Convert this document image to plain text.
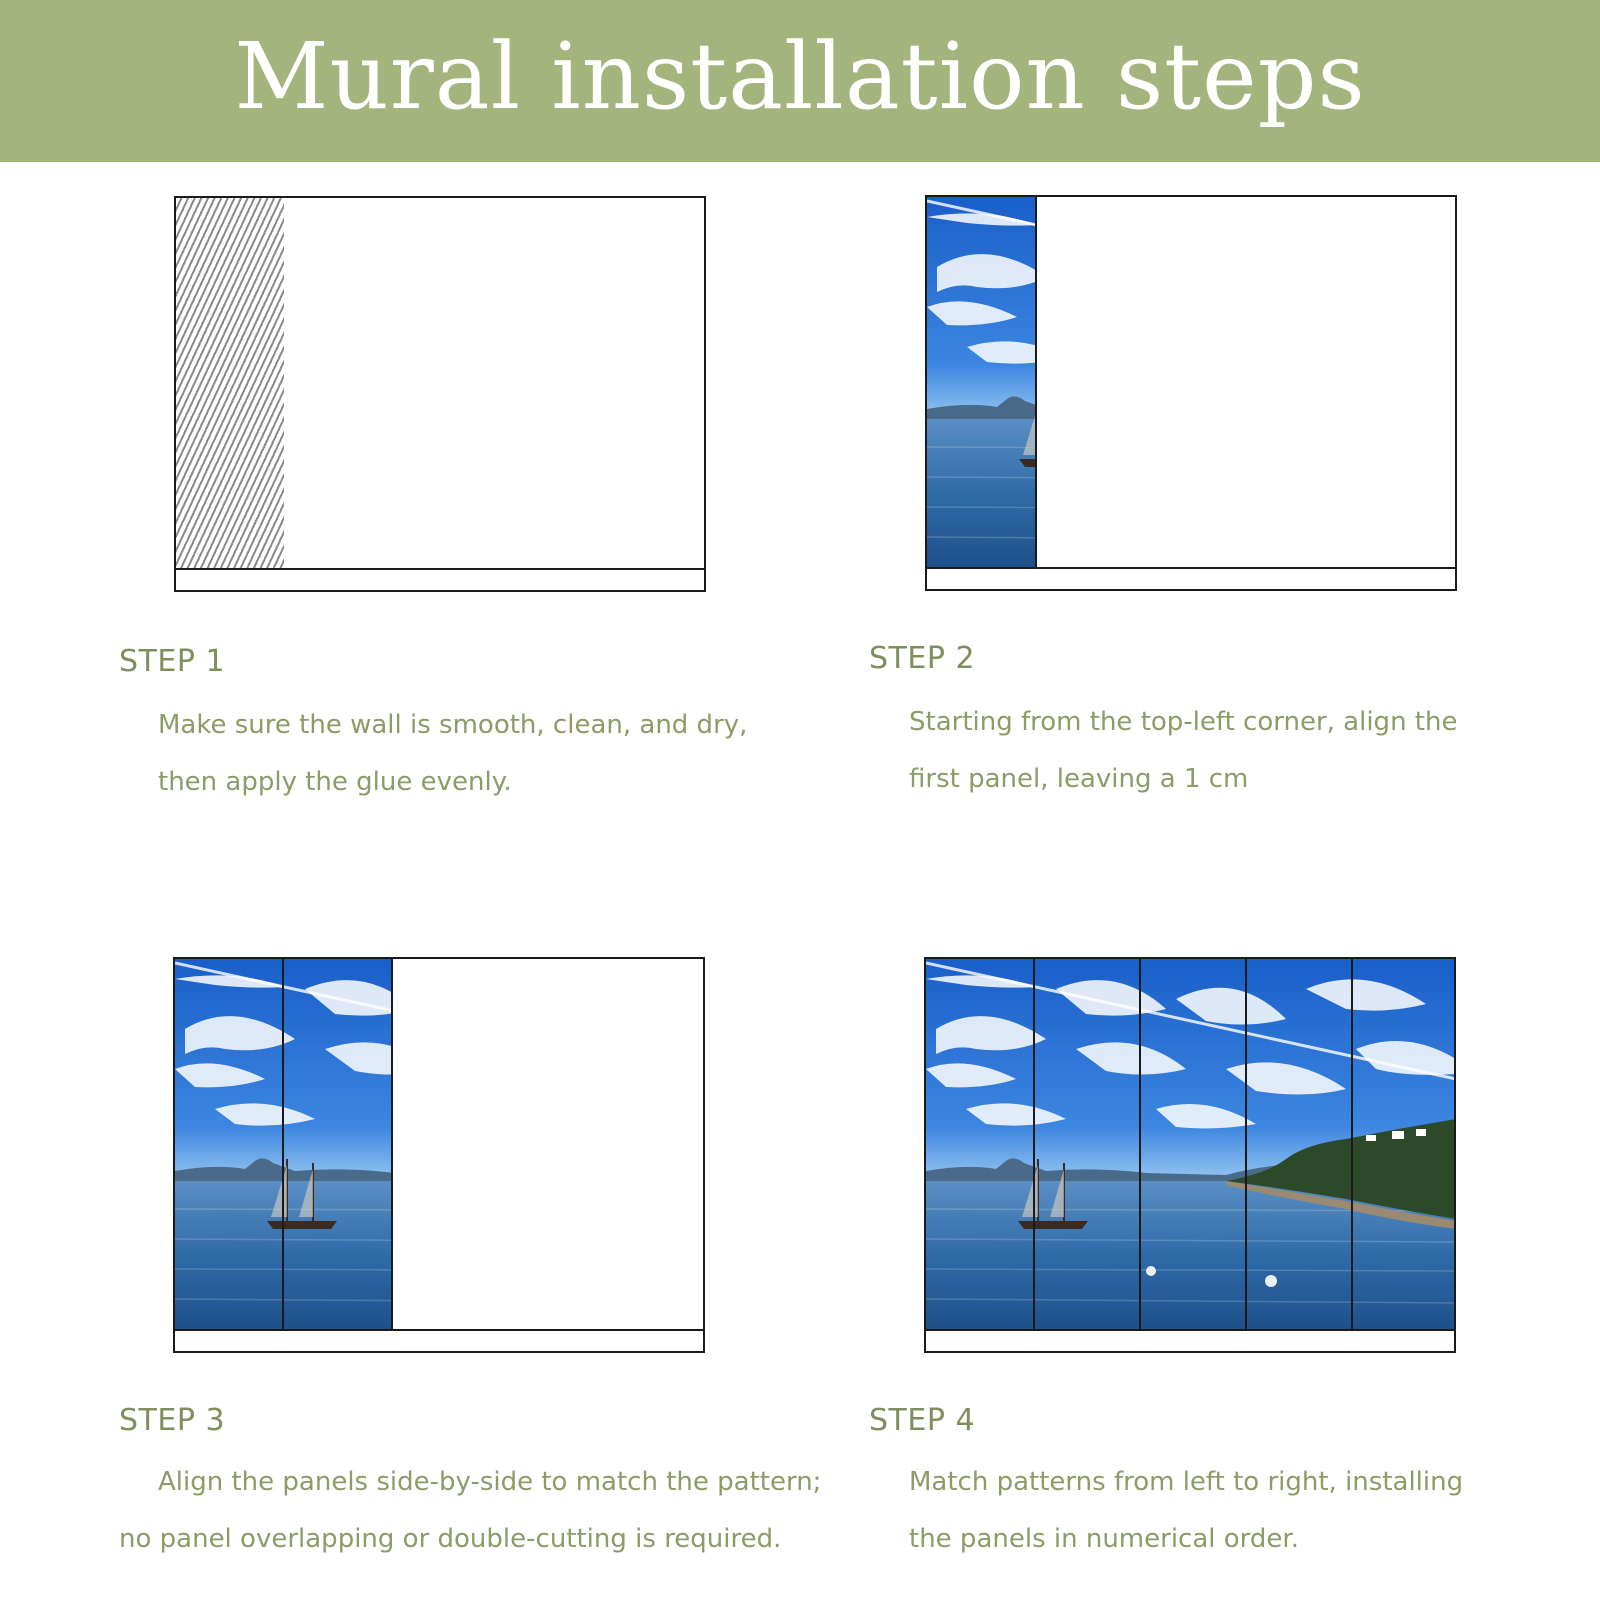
Mural installation steps
STEP 1

Make sure the wall is smooth, clean, and dry,

then apply the glue evenly.

STEP 2

Starting from the top-left corner, align the

first panel, leaving a 1 cm

STEP 3

Align the panels side-by-side to match the pattern;

no panel overlapping or double-cutting is required.

STEP 4

Match patterns from left to right, installing

the panels in numerical order.
